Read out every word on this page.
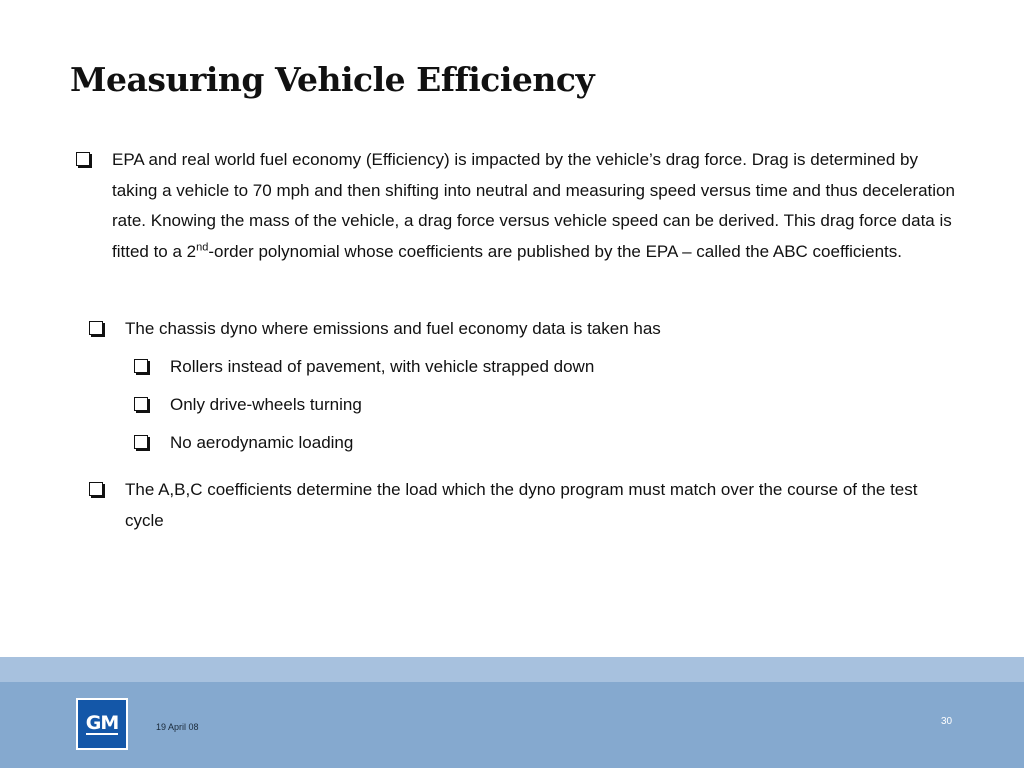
Measuring Vehicle Efficiency
EPA and real world fuel economy (Efficiency) is impacted by the vehicle’s drag force. Drag is determined by taking a vehicle to 70 mph and then shifting into neutral and measuring speed versus time and thus deceleration rate. Knowing the mass of the vehicle, a drag force versus vehicle speed can be derived. This drag force data is fitted to a 2nd-order polynomial whose coefficients are published by the EPA – called the ABC coefficients.
The chassis dyno where emissions and fuel economy data is taken has
Rollers instead of pavement, with vehicle strapped down
Only drive-wheels turning
No aerodynamic loading
The A,B,C coefficients determine the load which the dyno program must match over the course of the test cycle
GM	19 April 08	30
